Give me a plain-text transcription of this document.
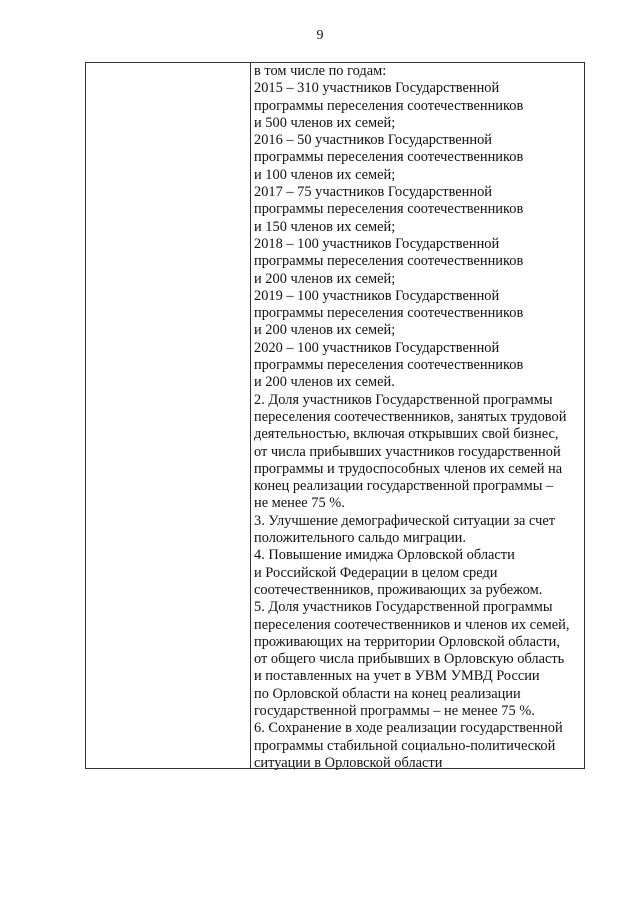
9
в том числе по годам:
2015 – 310 участников Государственной
программы переселения соотечественников
и 500 членов их семей;
2016 – 50 участников Государственной
программы переселения соотечественников
и 100 членов их семей;
2017 – 75 участников Государственной
программы переселения соотечественников
и 150 членов их семей;
2018 – 100 участников Государственной
программы переселения соотечественников
и 200 членов их семей;
2019 – 100 участников Государственной
программы переселения соотечественников
и 200 членов их семей;
2020 – 100 участников Государственной
программы переселения соотечественников
и 200 членов их семей.
2. Доля участников Государственной программы
переселения соотечественников, занятых трудовой
деятельностью, включая открывших свой бизнес,
от числа прибывших участников государственной
программы и трудоспособных членов их семей на
конец реализации государственной программы –
не менее 75 %.
3. Улучшение демографической ситуации за счет
положительного сальдо миграции.
4. Повышение имиджа Орловской области
и Российской Федерации в целом среди
соотечественников, проживающих за рубежом.
5. Доля участников Государственной программы
переселения соотечественников и членов их семей,
проживающих на территории Орловской области,
от общего числа прибывших в Орловскую область
и поставленных на учет в УВМ УМВД России
по Орловской области на конец реализации
государственной программы – не менее 75 %.
6. Сохранение в ходе реализации государственной
программы стабильной социально-политической
ситуации в Орловской области
